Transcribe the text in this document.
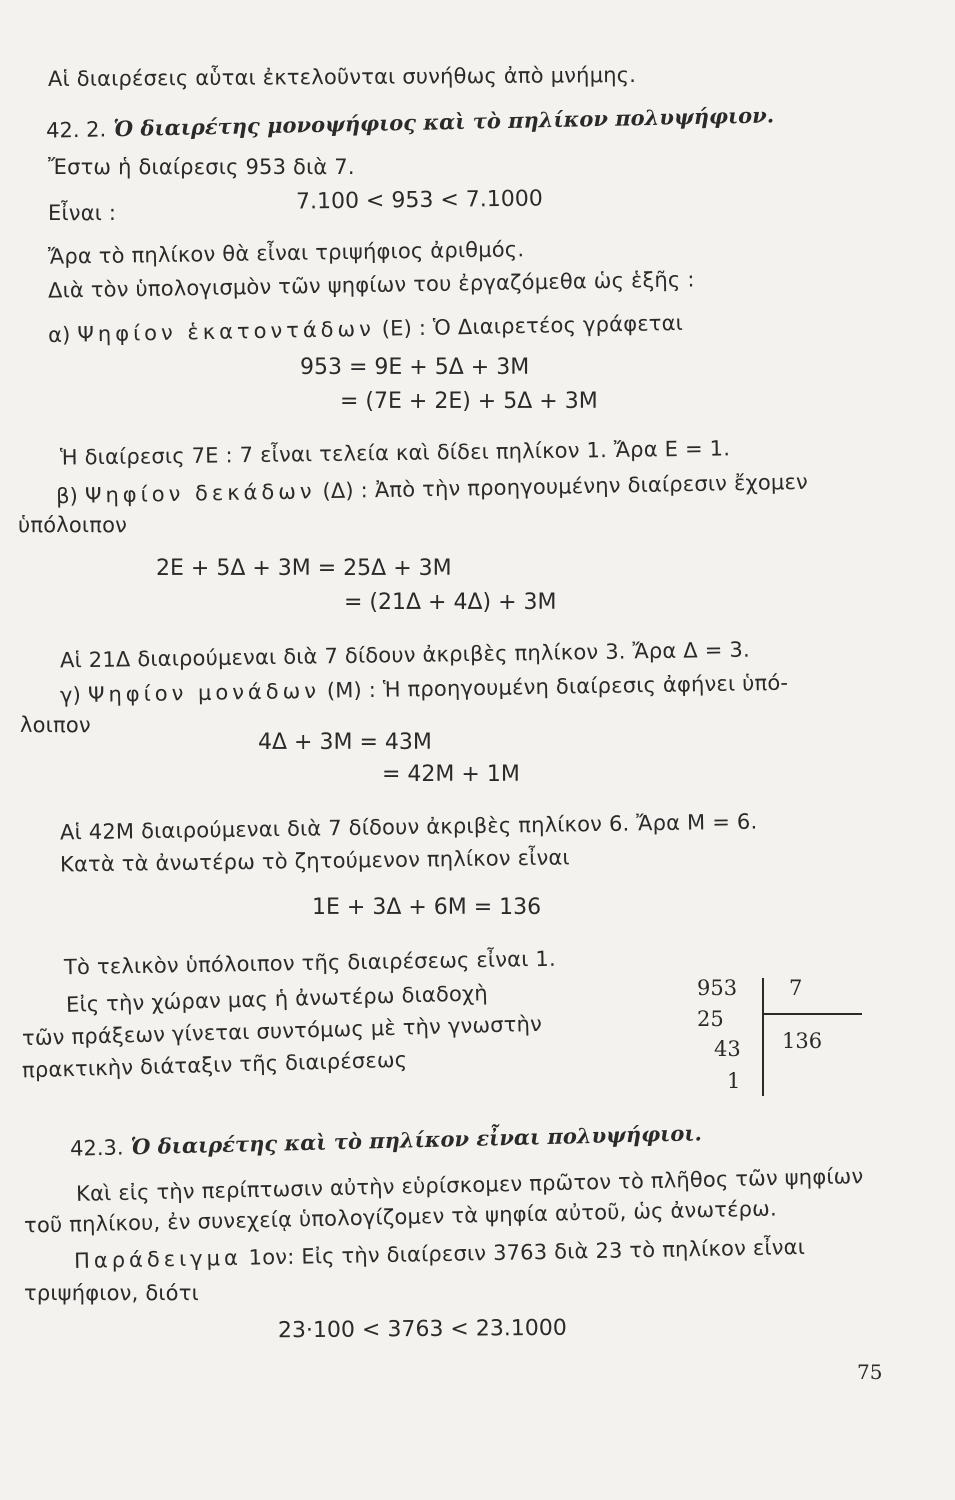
Αἱ διαιρέσεις αὗται ἐκτελοῦνται συνήθως ἀπὸ μνήμης.
42. 2. Ὁ διαιρέτης μονοψήφιος καὶ τὸ πηλίκον πολυψήφιον.
Ἔστω ἡ διαίρεσις 953 διὰ 7.
Εἶναι :	7.100 < 953 < 7.1000
Ἄρα τὸ πηλίκον θὰ εἶναι τριψήφιος ἀριθμός.
Διὰ τὸν ὑπολογισμὸν τῶν ψηφίων του ἐργαζόμεθα ὡς ἑξῆς :
α) Ψηφίον ἑκατοντάδων (Ε) : Ὁ Διαιρετέος γράφεται
953 = 9Ε + 5Δ + 3Μ
= (7Ε + 2Ε) + 5Δ + 3Μ
Ἡ διαίρεσις 7Ε : 7 εἶναι τελεία καὶ δίδει πηλίκον 1. Ἄρα Ε = 1.
β) Ψηφίον δεκάδων (Δ) : Ἀπὸ τὴν προηγουμένην διαίρεσιν ἔχομεν
ὑπόλοιπον
2Ε + 5Δ + 3Μ = 25Δ + 3Μ
= (21Δ + 4Δ) + 3Μ
Αἱ 21Δ διαιρούμεναι διὰ 7 δίδουν ἀκριβὲς πηλίκον 3. Ἄρα Δ = 3.
γ) Ψηφίον μονάδων (Μ) : Ἡ προηγουμένη διαίρεσις ἀφήνει ὑπό-
λοιπον
4Δ + 3Μ = 43Μ
= 42Μ + 1Μ
Αἱ 42Μ διαιρούμεναι διὰ 7 δίδουν ἀκριβὲς πηλίκον 6. Ἄρα Μ = 6.
Κατὰ τὰ ἀνωτέρω τὸ ζητούμενον πηλίκον εἶναι
1Ε + 3Δ + 6Μ = 136
Τὸ τελικὸν ὑπόλοιπον τῆς διαιρέσεως εἶναι 1.
Εἰς τὴν χώραν μας ἡ ἀνωτέρω διαδοχὴ
τῶν πράξεων γίνεται συντόμως μὲ τὴν γνωστὴν
πρακτικὴν διάταξιν τῆς διαιρέσεως
953 7
25
43
1
136
42.3. Ὁ διαιρέτης καὶ τὸ πηλίκον εἶναι πολυψήφιοι.
Καὶ εἰς τὴν περίπτωσιν αὐτὴν εὑρίσκομεν πρῶτον τὸ πλῆθος τῶν ψηφίων
τοῦ πηλίκου, ἐν συνεχείᾳ ὑπολογίζομεν τὰ ψηφία αὐτοῦ, ὡς ἀνωτέρω.
Παράδειγμα 1ον: Εἰς τὴν διαίρεσιν 3763 διὰ 23 τὸ πηλίκον εἶναι
τριψήφιον, διότι
23·100 < 3763 < 23.1000
75
